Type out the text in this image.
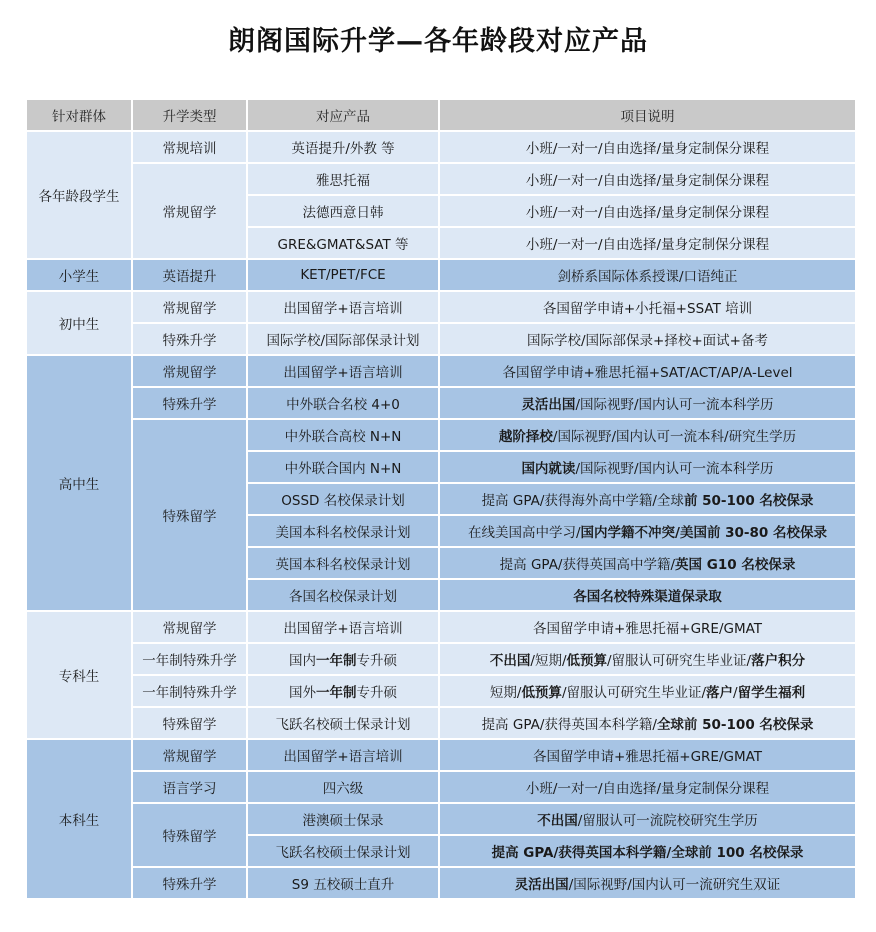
朗阁国际升学—各年龄段对应产品
针对群体	升学类型	对应产品	项目说明
各年龄段学生	常规培训	英语提升/外教 等	小班/一对一/自由选择/量身定制保分课程
	常规留学	雅思托福	小班/一对一/自由选择/量身定制保分课程
		法德西意日韩	小班/一对一/自由选择/量身定制保分课程
		GRE&GMAT&SAT 等	小班/一对一/自由选择/量身定制保分课程
小学生	英语提升	KET/PET/FCE	剑桥系国际体系授课/口语纯正
初中生	常规留学	出国留学+语言培训	各国留学申请+小托福+SSAT 培训
	特殊升学	国际学校/国际部保录计划	国际学校/国际部保录+择校+面试+备考
高中生	常规留学	出国留学+语言培训	各国留学申请+雅思托福+SAT/ACT/AP/A-Level
	特殊升学	中外联合名校 4+0	灵活出国/国际视野/国内认可一流本科学历
	特殊留学	中外联合高校 N+N	越阶择校/国际视野/国内认可一流本科/研究生学历
		中外联合国内 N+N	国内就读/国际视野/国内认可一流本科学历
		OSSD 名校保录计划	提高 GPA/获得海外高中学籍/全球前 50-100 名校保录
		美国本科名校保录计划	在线美国高中学习/国内学籍不冲突/美国前 30-80 名校保录
		英国本科名校保录计划	提高 GPA/获得英国高中学籍/英国 G10 名校保录
		各国名校保录计划	各国名校特殊渠道保录取
专科生	常规留学	出国留学+语言培训	各国留学申请+雅思托福+GRE/GMAT
	一年制特殊升学	国内一年制专升硕	不出国/短期/低预算/留服认可研究生毕业证/落户积分
	一年制特殊升学	国外一年制专升硕	短期/低预算/留服认可研究生毕业证/落户/留学生福利
	特殊留学	飞跃名校硕士保录计划	提高 GPA/获得英国本科学籍/全球前 50-100 名校保录
本科生	常规留学	出国留学+语言培训	各国留学申请+雅思托福+GRE/GMAT
	语言学习	四六级	小班/一对一/自由选择/量身定制保分课程
	特殊留学	港澳硕士保录	不出国/留服认可一流院校研究生学历
		飞跃名校硕士保录计划	提高 GPA/获得英国本科学籍/全球前 100 名校保录
	特殊升学	S9 五校硕士直升	灵活出国/国际视野/国内认可一流研究生双证
